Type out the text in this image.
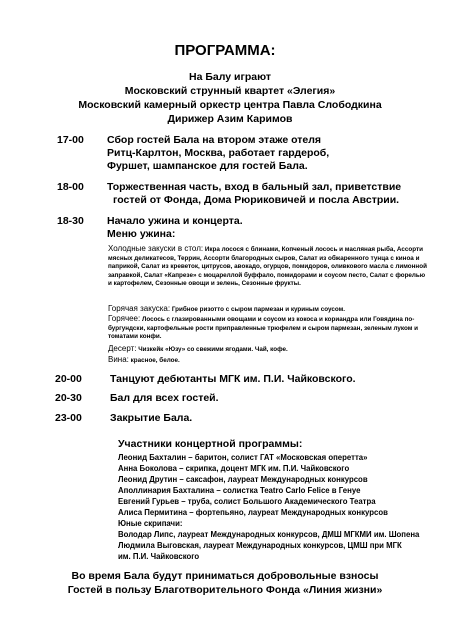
ПРОГРАММА:
На Балу играют
Московский струнный квартет «Элегия»
Московский камерный оркестр центра Павла Слободкина
Дирижер Азим Каримов
17-00 Сбор гостей Бала на втором этаже отеля
Ритц-Карлтон, Москва, работает гардероб,
Фуршет, шампанское для гостей Бала.
18-00 Торжественная часть, вход в бальный зал, приветствие
гостей от Фонда, Дома Рюриковичей и посла Австрии.
18-30 Начало ужина и концерта.
Меню ужина:
Холодные закуски в стол: Икра лосося с блинами, Копченый лосось и масляная рыба, Ассорти мясных деликатесов, Террин, Ассорти благородных сыров, Салат из обжаренного тунца с киноа и паприкой, Салат из креветок, цитрусов, авокадо, огурцов, помидоров, оливкового масла с лимонной заправкой, Салат «Капрезе» с моцареллой буффало, помидорами и соусом песто, Салат с форелью и картофелем, Сезонные овощи и зелень, Сезонные фрукты.
Горячая закуска: Грибное ризотто с сыром пармезан и куриным соусом.
Горячее: Лосось с глазированными овощами и соусом из кокоса и кориандра или Говядина по-бургундски, картофельные рости приправленные трюфелем и сыром пармезан, зеленым луком и томатами конфи.
Десерт: Чизкейк «Юзу» со свежими ягодами. Чай, кофе.
Вина: красное, белое.
20-00	Танцуют дебютанты МГК им. П.И. Чайковского.
20-30	Бал для всех гостей.
23-00	Закрытие Бала.
Участники концертной программы:
Леонид Бахталин – баритон, солист ГАТ «Московская оперетта»
Анна Боколова – скрипка, доцент МГК им. П.И. Чайковского
Леонид Друтин – саксафон, лауреат Международных конкурсов
Аполлинария Бахталина – солистка Teatro Carlo Felice в Генуе
Евгений Гурьев – труба, солист Большого Академического Театра
Алиса Пермитина – фортепьяно, лауреат Международных конкурсов
Юные скрипачи:
Володар Липс, лауреат Международных конкурсов, ДМШ МГКМИ им. Шопена
Людмила Выговская, лауреат Международных конкурсов, ЦМШ при МГК
им. П.И. Чайковского
Во время Бала будут приниматься добровольные взносы
Гостей в пользу Благотворительного Фонда «Линия жизни»
